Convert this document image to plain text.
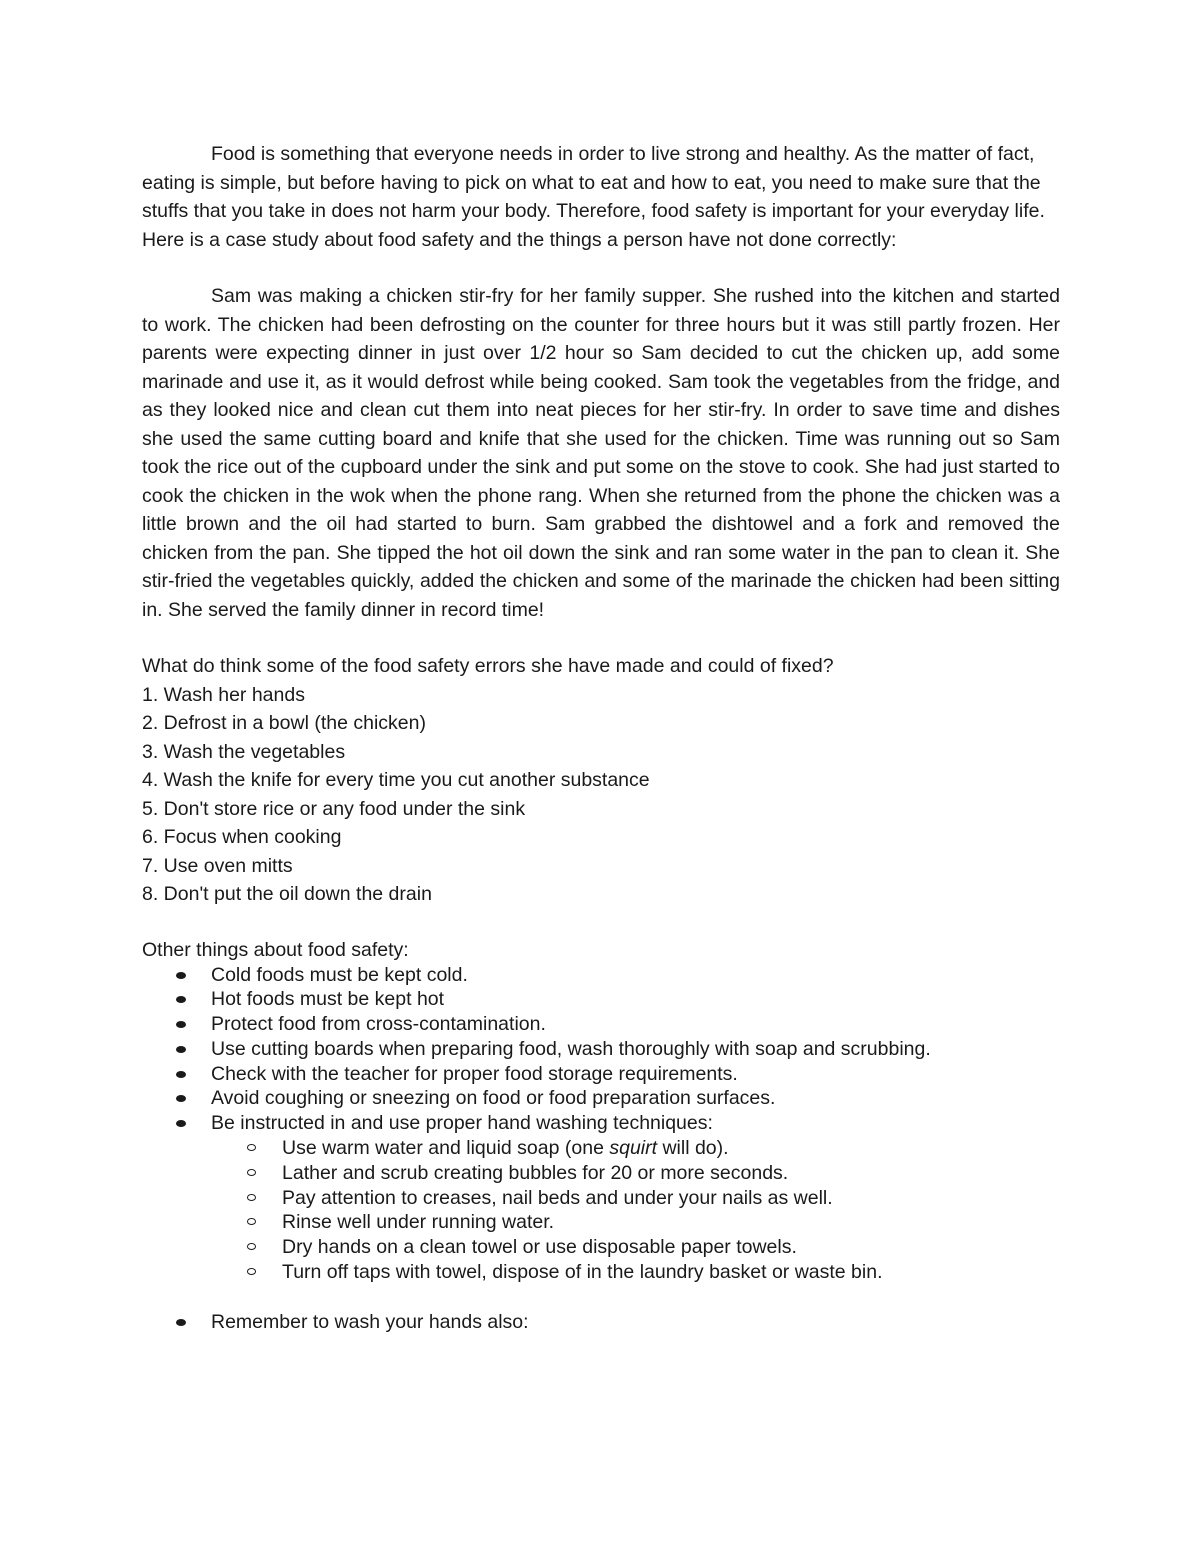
Food is something that everyone needs in order to live strong and healthy. As the matter of fact, eating is simple, but before having to pick on what to eat and how to eat, you need to make sure that the stuffs that you take in does not harm your body. Therefore, food safety is important for your everyday life. Here is a case study about food safety and the things a person have not done correctly:

Sam was making a chicken stir-fry for her family supper. She rushed into the kitchen and started to work. The chicken had been defrosting on the counter for three hours but it was still partly frozen. Her parents were expecting dinner in just over 1/2 hour so Sam decided to cut the chicken up, add some marinade and use it, as it would defrost while being cooked. Sam took the vegetables from the fridge, and as they looked nice and clean cut them into neat pieces for her stir-fry. In order to save time and dishes she used the same cutting board and knife that she used for the chicken. Time was running out so Sam took the rice out of the cupboard under the sink and put some on the stove to cook. She had just started to cook the chicken in the wok when the phone rang. When she returned from the phone the chicken was a little brown and the oil had started to burn. Sam grabbed the dishtowel and a fork and removed the chicken from the pan. She tipped the hot oil down the sink and ran some water in the pan to clean it. She stir-fried the vegetables quickly, added the chicken and some of the marinade the chicken had been sitting in. She served the family dinner in record time!

What do think some of the food safety errors she have made and could of fixed?

1. Wash her hands

2. Defrost in a bowl (the chicken)

3. Wash the vegetables

4. Wash the knife for every time you cut another substance

5. Don't store rice or any food under the sink

6. Focus when cooking

7. Use oven mitts

8. Don't put the oil down the drain

Other things about food safety:

Cold foods must be kept cold.
Hot foods must be kept hot
Protect food from cross-contamination.
Use cutting boards when preparing food, wash thoroughly with soap and scrubbing.
Check with the teacher for proper food storage requirements.
Avoid coughing or sneezing on food or food preparation surfaces.
Be instructed in and use proper hand washing techniques:
Use warm water and liquid soap (one squirt will do).
Lather and scrub creating bubbles for 20 or more seconds.
Pay attention to creases, nail beds and under your nails as well.
Rinse well under running water.
Dry hands on a clean towel or use disposable paper towels.
Turn off taps with towel, dispose of in the laundry basket or waste bin.
Remember to wash your hands also:
